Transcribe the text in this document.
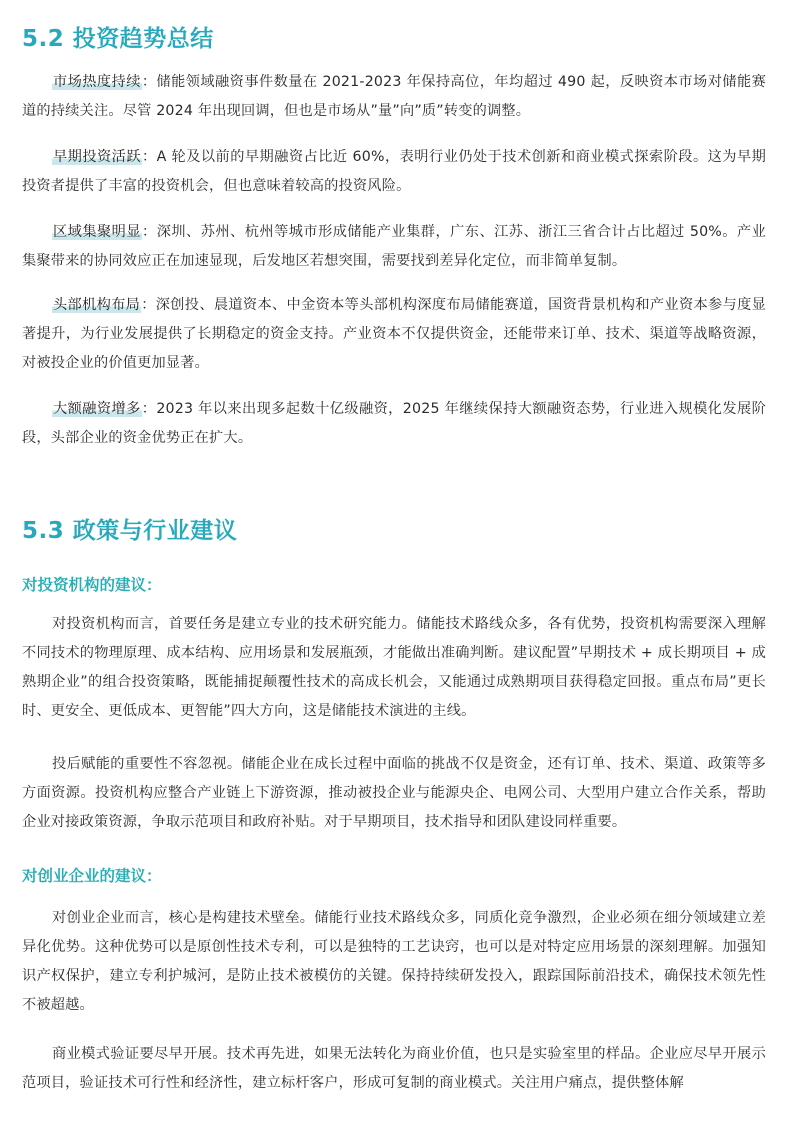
5.2 投资趋势总结

市场热度持续：储能领域融资事件数量在 2021-2023 年保持高位，年均超过 490 起，反映资本市场对储能赛道的持续关注。尽管 2024 年出现回调，但也是市场从”量”向”质”转变的调整。

早期投资活跃：A 轮及以前的早期融资占比近 60%，表明行业仍处于技术创新和商业模式探索阶段。这为早期投资者提供了丰富的投资机会，但也意味着较高的投资风险。

区域集聚明显：深圳、苏州、杭州等城市形成储能产业集群，广东、江苏、浙江三省合计占比超过 50%。产业集聚带来的协同效应正在加速显现，后发地区若想突围，需要找到差异化定位，而非简单复制。

头部机构布局：深创投、晨道资本、中金资本等头部机构深度布局储能赛道，国资背景机构和产业资本参与度显著提升，为行业发展提供了长期稳定的资金支持。产业资本不仅提供资金，还能带来订单、技术、渠道等战略资源，对被投企业的价值更加显著。

大额融资增多：2023 年以来出现多起数十亿级融资，2025 年继续保持大额融资态势，行业进入规模化发展阶段，头部企业的资金优势正在扩大。

5.3 政策与行业建议
对投资机构的建议：

对投资机构而言，首要任务是建立专业的技术研究能力。储能技术路线众多，各有优势，投资机构需要深入理解不同技术的物理原理、成本结构、应用场景和发展瓶颈，才能做出准确判断。建议配置”早期技术 + 成长期项目 + 成熟期企业”的组合投资策略，既能捕捉颠覆性技术的高成长机会，又能通过成熟期项目获得稳定回报。重点布局”更长时、更安全、更低成本、更智能”四大方向，这是储能技术演进的主线。

投后赋能的重要性不容忽视。储能企业在成长过程中面临的挑战不仅是资金，还有订单、技术、渠道、政策等多方面资源。投资机构应整合产业链上下游资源，推动被投企业与能源央企、电网公司、大型用户建立合作关系，帮助企业对接政策资源，争取示范项目和政府补贴。对于早期项目，技术指导和团队建设同样重要。

对创业企业的建议：

对创业企业而言，核心是构建技术壁垒。储能行业技术路线众多，同质化竞争激烈，企业必须在细分领域建立差异化优势。这种优势可以是原创性技术专利，可以是独特的工艺诀窍，也可以是对特定应用场景的深刻理解。加强知识产权保护，建立专利护城河，是防止技术被模仿的关键。保持持续研发投入，跟踪国际前沿技术，确保技术领先性不被超越。

商业模式验证要尽早开展。技术再先进，如果无法转化为商业价值，也只是实验室里的样品。企业应尽早开展示范项目，验证技术可行性和经济性，建立标杆客户，形成可复制的商业模式。关注用户痛点，提供整体解
